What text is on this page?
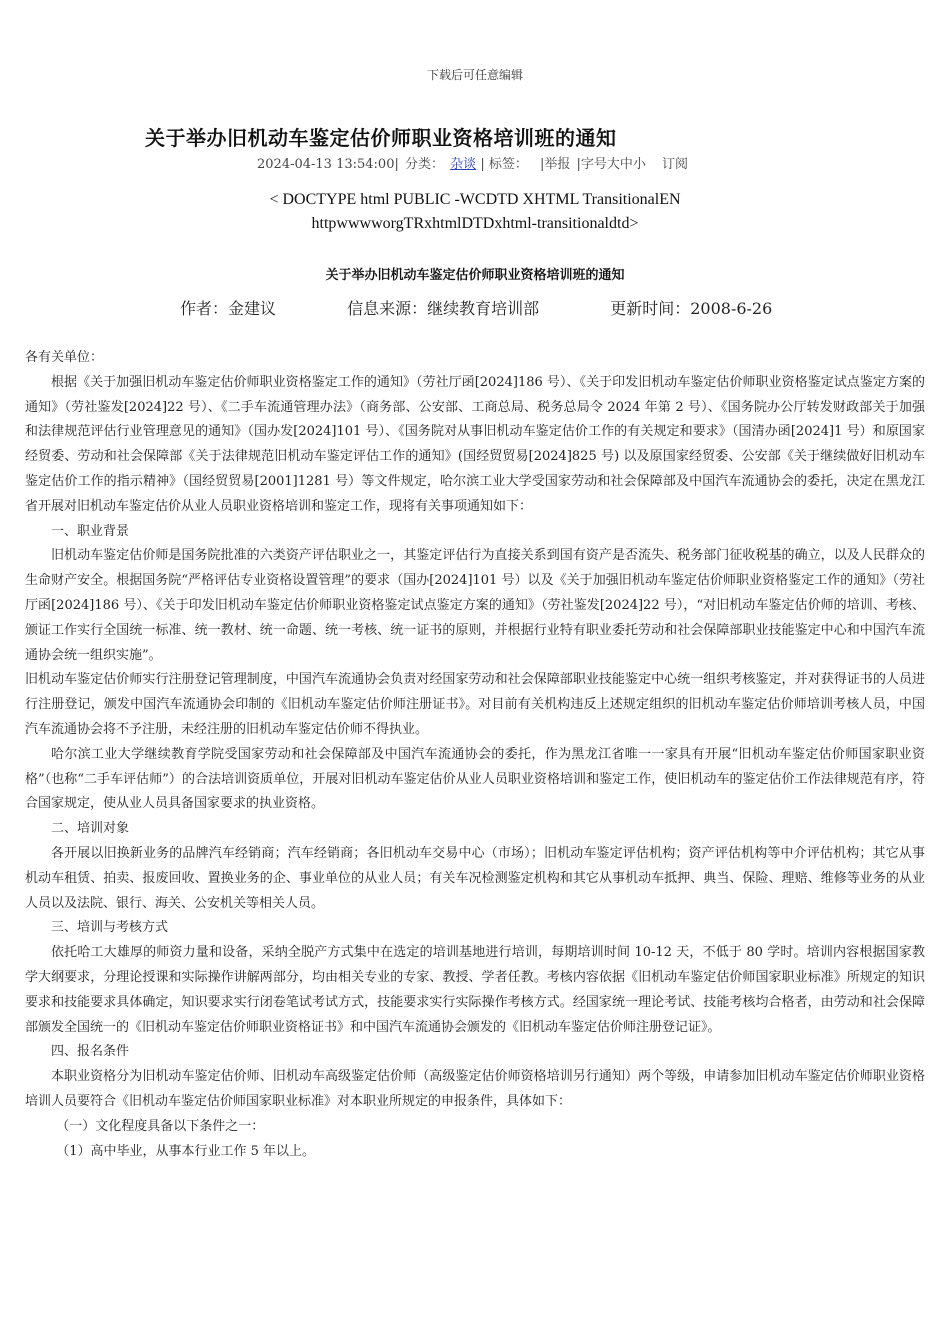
下载后可任意编辑
关于举办旧机动车鉴定估价师职业资格培训班的通知
2024-04-13 13:54:00| 分类： 杂谈 | 标签： |举报 |字号大中小 订阅
< DOCTYPE html PUBLIC -WCDTD XHTML TransitionalEN
httpwwwworgTRxhtmlDTDxhtml-transitionaldtd>
关于举办旧机动车鉴定估价师职业资格培训班的通知
作者：金建议	信息来源：继续教育培训部	更新时间：2008-6-26

各有关单位：

根据《关于加强旧机动车鉴定估价师职业资格鉴定工作的通知》（劳社厅函[2024]186 号）、《关于印发旧机动车鉴定估价师职业资格鉴定试点鉴定方案的通知》（劳社鉴发[2024]22 号）、《二手车流通管理办法》（商务部、公安部、工商总局、税务总局令 2024 年第 2 号）、《国务院办公厅转发财政部关于加强和法律规范评估行业管理意见的通知》（国办发[2024]101 号）、《国务院对从事旧机动车鉴定估价工作的有关规定和要求》（国清办函[2024]1 号）和原国家经贸委、劳动和社会保障部《关于法律规范旧机动车鉴定评估工作的通知》(国经贸贸易[2024]825 号) 以及原国家经贸委、公安部《关于继续做好旧机动车鉴定估价工作的指示精神》（国经贸贸易[2001]1281 号）等文件规定，哈尔滨工业大学受国家劳动和社会保障部及中国汽车流通协会的委托，决定在黑龙江省开展对旧机动车鉴定估价从业人员职业资格培训和鉴定工作，现将有关事项通知如下：

一、职业背景

旧机动车鉴定估价师是国务院批准的六类资产评估职业之一，其鉴定评估行为直接关系到国有资产是否流失、税务部门征收税基的确立，以及人民群众的生命财产安全。根据国务院“严格评估专业资格设置管理”的要求（国办[2024]101 号）以及《关于加强旧机动车鉴定估价师职业资格鉴定工作的通知》（劳社厅函[2024]186 号）、《关于印发旧机动车鉴定估价师职业资格鉴定试点鉴定方案的通知》（劳社鉴发[2024]22 号），“对旧机动车鉴定估价师的培训、考核、颁证工作实行全国统一标准、统一教材、统一命题、统一考核、统一证书的原则，并根据行业特有职业委托劳动和社会保障部职业技能鉴定中心和中国汽车流通协会统一组织实施”。

旧机动车鉴定估价师实行注册登记管理制度，中国汽车流通协会负责对经国家劳动和社会保障部职业技能鉴定中心统一组织考核鉴定，并对获得证书的人员进行注册登记，颁发中国汽车流通协会印制的《旧机动车鉴定估价师注册证书》。对目前有关机构违反上述规定组织的旧机动车鉴定估价师培训考核人员，中国汽车流通协会将不予注册，未经注册的旧机动车鉴定估价师不得执业。

哈尔滨工业大学继续教育学院受国家劳动和社会保障部及中国汽车流通协会的委托，作为黑龙江省唯一一家具有开展“旧机动车鉴定估价师国家职业资格”（也称“二手车评估师”）的合法培训资质单位，开展对旧机动车鉴定估价从业人员职业资格培训和鉴定工作，使旧机动车的鉴定估价工作法律规范有序，符合国家规定，使从业人员具备国家要求的执业资格。

二、培训对象

各开展以旧换新业务的品牌汽车经销商；汽车经销商；各旧机动车交易中心（市场）；旧机动车鉴定评估机构；资产评估机构等中介评估机构；其它从事机动车租赁、拍卖、报废回收、置换业务的企、事业单位的从业人员；有关车况检测鉴定机构和其它从事机动车抵押、典当、保险、理赔、维修等业务的从业人员以及法院、银行、海关、公安机关等相关人员。

三、培训与考核方式

依托哈工大雄厚的师资力量和设备，采纳全脱产方式集中在选定的培训基地进行培训，每期培训时间 10-12 天，不低于 80 学时。培训内容根据国家教学大纲要求，分理论授课和实际操作讲解两部分，均由相关专业的专家、教授、学者任教。考核内容依据《旧机动车鉴定估价师国家职业标准》所规定的知识要求和技能要求具体确定，知识要求实行闭卷笔试考试方式，技能要求实行实际操作考核方式。经国家统一理论考试、技能考核均合格者，由劳动和社会保障部颁发全国统一的《旧机动车鉴定估价师职业资格证书》和中国汽车流通协会颁发的《旧机动车鉴定估价师注册登记证》。

四、报名条件

本职业资格分为旧机动车鉴定估价师、旧机动车高级鉴定估价师（高级鉴定估价师资格培训另行通知）两个等级，申请参加旧机动车鉴定估价师职业资格培训人员要符合《旧机动车鉴定估价师国家职业标准》对本职业所规定的申报条件，具体如下：

（一）文化程度具备以下条件之一：

（1）高中毕业，从事本行业工作 5 年以上。
